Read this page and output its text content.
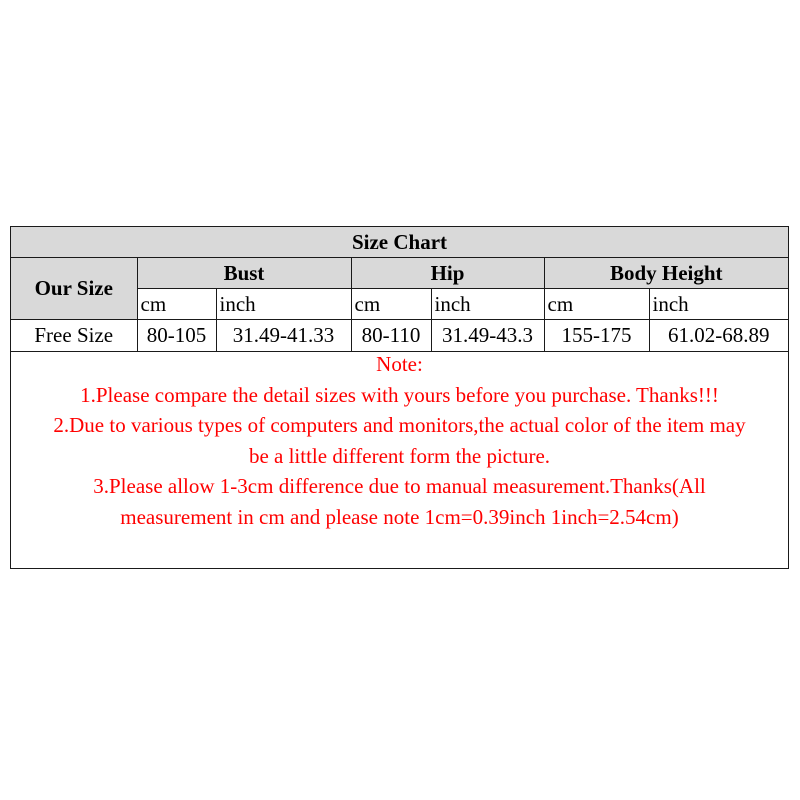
Size Chart						
Our Size	Bust		Hip		Body Height	
	cm	inch	cm	inch	cm	inch
Free Size	80-105	31.49-41.33	80-110	31.49-43.3	155-175	61.02-68.89
Note:
1.Please compare the detail sizes with yours before you purchase. Thanks!!!
2.Due to various types of computers and monitors,the actual color of the item may
be a little different form the picture.
3.Please allow 1-3cm difference due to manual measurement.Thanks(All
measurement in cm and please note 1cm=0.39inch 1inch=2.54cm)
